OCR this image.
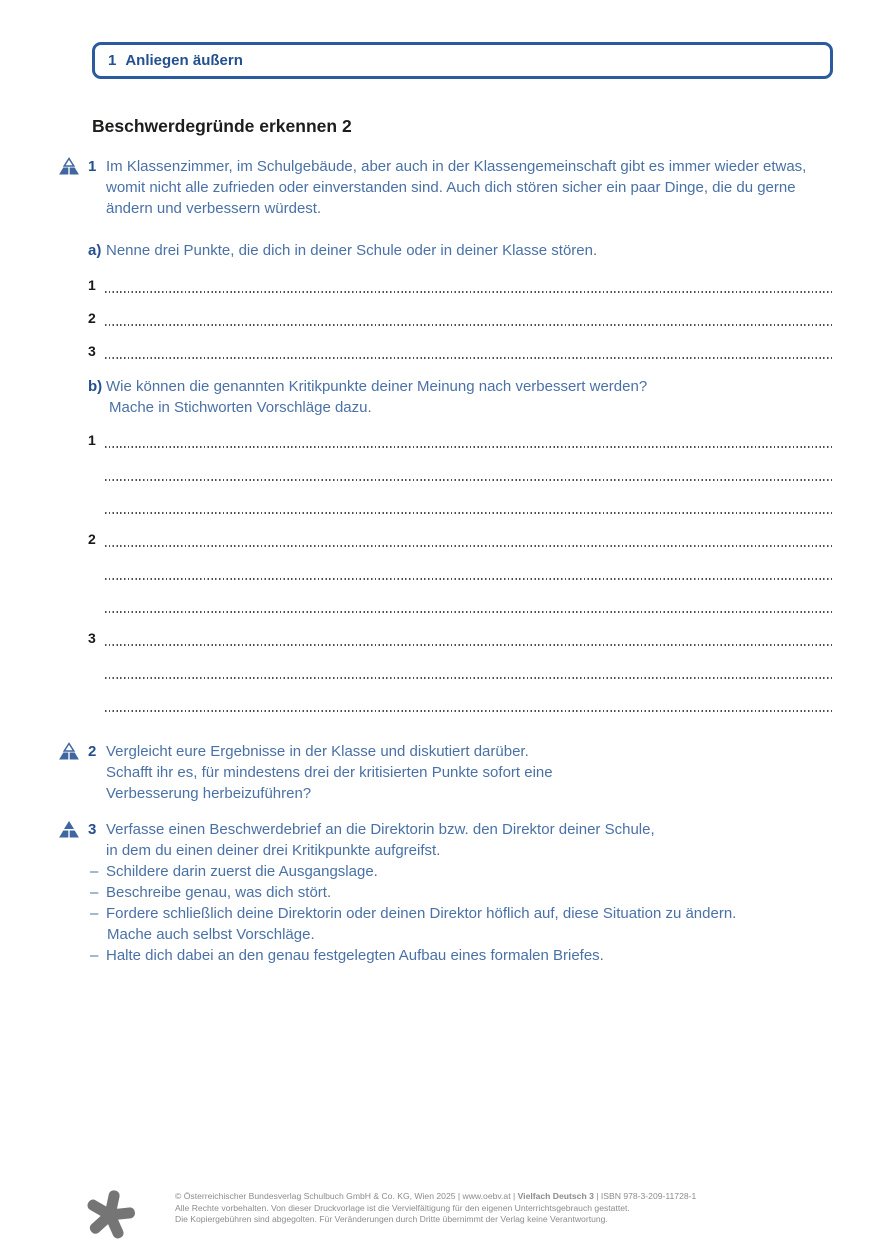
1 Anliegen äußern
Beschwerdegründe erkennen 2
1 Im Klassenzimmer, im Schulgebäude, aber auch in der Klassengemeinschaft gibt es immer wieder etwas,
womit nicht alle zufrieden oder einverstanden sind. Auch dich stören sicher ein paar Dinge, die du gerne
ändern und verbessern würdest.
a) Nenne drei Punkte, die dich in deiner Schule oder in deiner Klasse stören.
1
2
3
b) Wie können die genannten Kritikpunkte deiner Meinung nach verbessert werden?
Mache in Stichworten Vorschläge dazu.
1
2
3
2 Vergleicht eure Ergebnisse in der Klasse und diskutiert darüber.
Schafft ihr es, für mindestens drei der kritisierten Punkte sofort eine
Verbesserung herbeizuführen?
3 Verfasse einen Beschwerdebrief an die Direktorin bzw. den Direktor deiner Schule,
in dem du einen deiner drei Kritikpunkte aufgreifst.
– Schildere darin zuerst die Ausgangslage.
– Beschreibe genau, was dich stört.
– Fordere schließlich deine Direktorin oder deinen Direktor höflich auf, diese Situation zu ändern.
Mache auch selbst Vorschläge.
– Halte dich dabei an den genau festgelegten Aufbau eines formalen Briefes.
© Österreichischer Bundesverlag Schulbuch GmbH & Co. KG, Wien 2025 | www.oebv.at | Vielfach Deutsch 3 | ISBN 978-3-209-11728-1
Alle Rechte vorbehalten. Von dieser Druckvorlage ist die Vervielfältigung für den eigenen Unterrichtsgebrauch gestattet.
Die Kopiergebühren sind abgegolten. Für Veränderungen durch Dritte übernimmt der Verlag keine Verantwortung.
